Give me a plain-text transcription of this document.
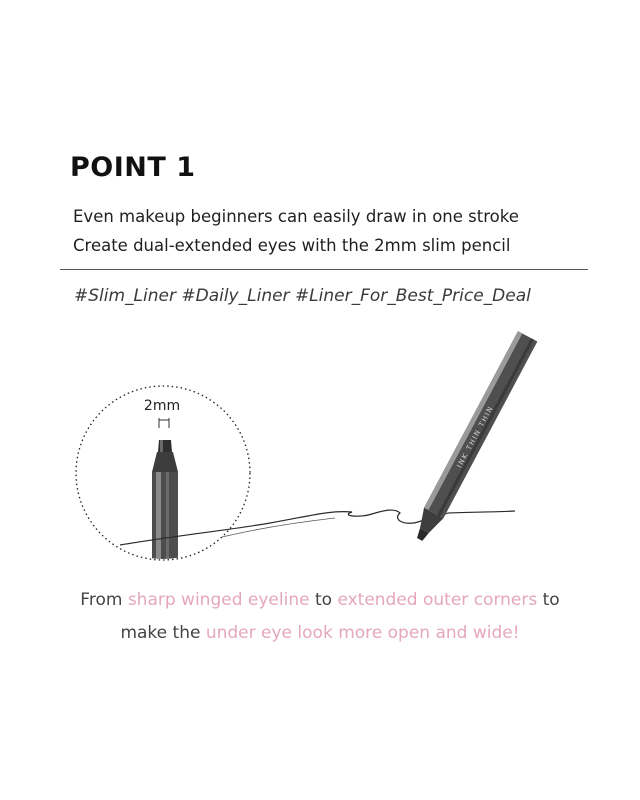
POINT 1
Even makeup beginners can easily draw in one stroke
Create dual-extended eyes with the 2mm slim pencil
#Slim_Liner #Daily_Liner #Liner_For_Best_Price_Deal
2mm	INK THIN THIN
From sharp winged eyeline to extended outer corners to
make the under eye look more open and wide!
